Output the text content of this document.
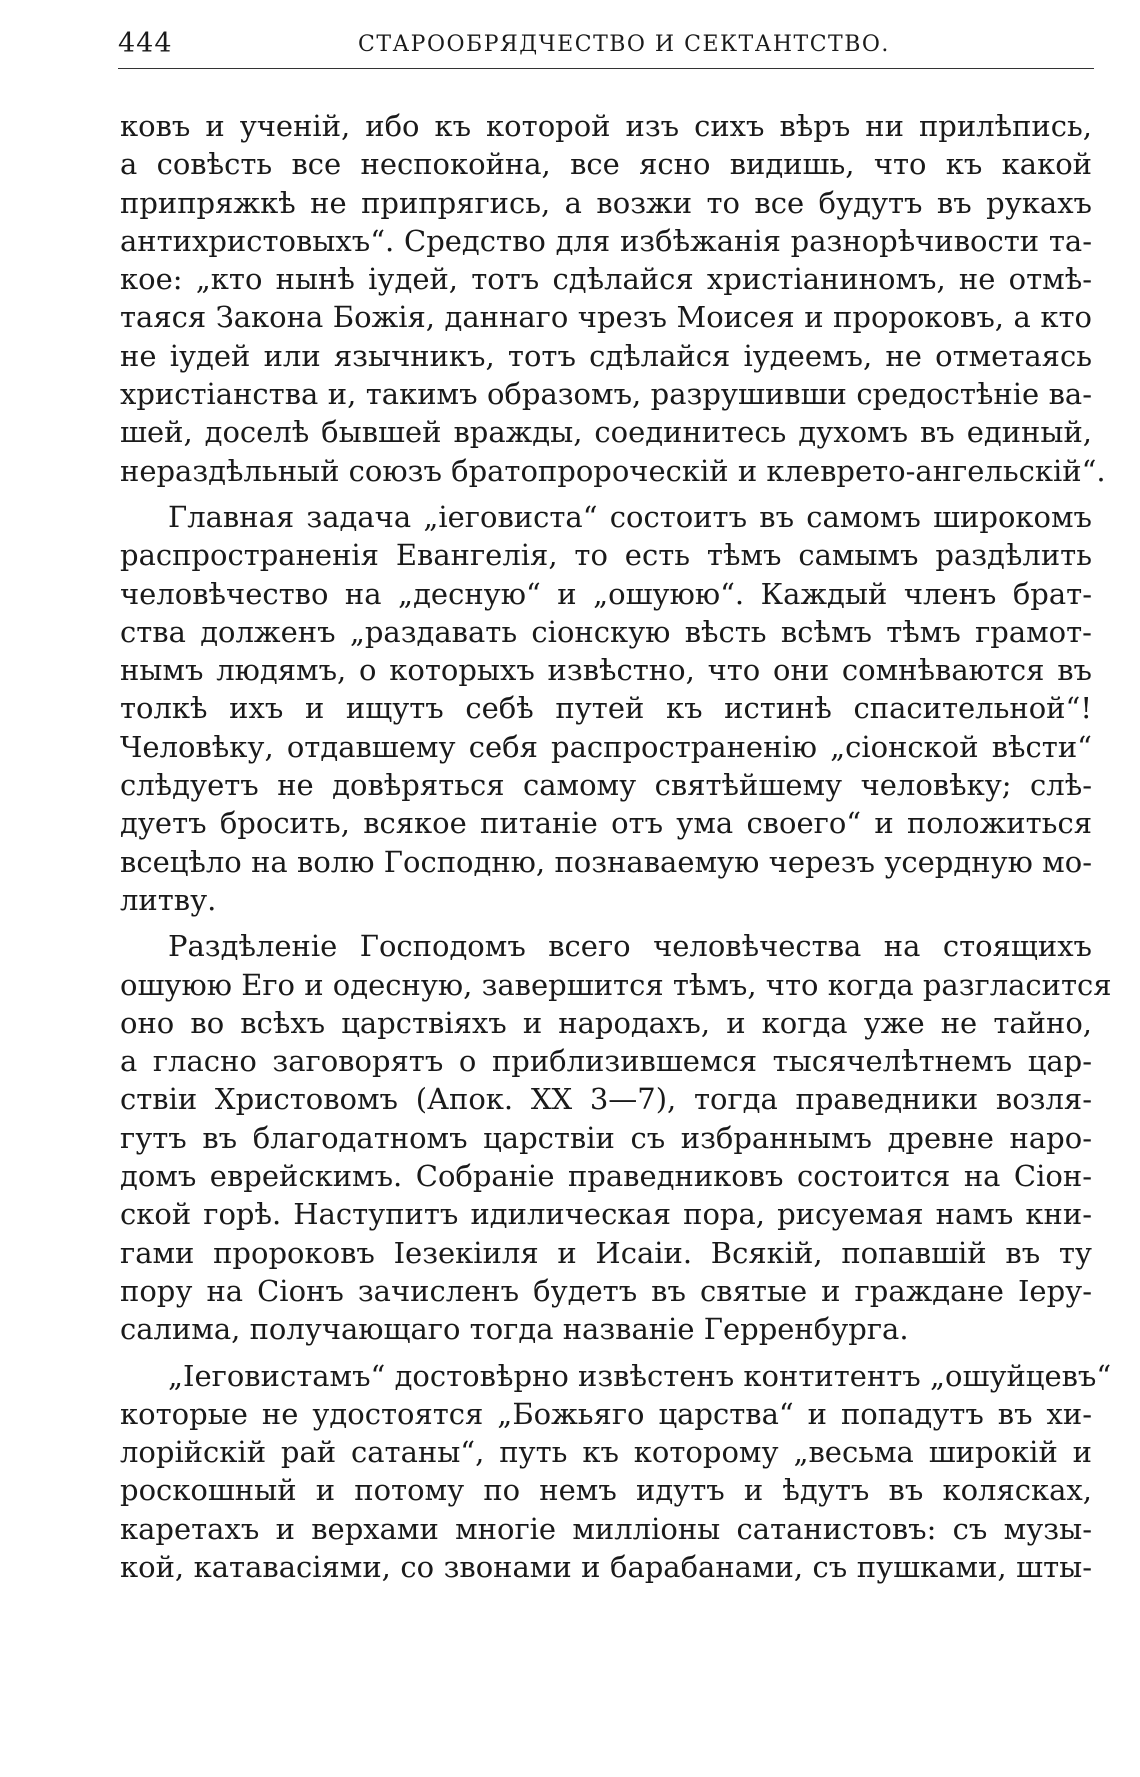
444	СТАРООБРЯДЧЕСТВО И СЕКТАНТСТВО.
ковъ и ученій, ибо къ которой изъ сихъ вѣръ ни прилѣпись,
а совѣсть все неспокойна, все ясно видишь, что къ какой
припряжкѣ не припрягись, а возжи то все будутъ въ рукахъ
антихристовыхъ“. Средство для избѣжанія разнорѣчивости та-
кое: „кто нынѣ іудей, тотъ сдѣлайся христіаниномъ, не отмѣ-
таяся Закона Божія, даннаго чрезъ Моисея и пророковъ, а кто
не іудей или язычникъ, тотъ сдѣлайся іудеемъ, не отметаясь
христіанства и, такимъ образомъ, разрушивши средостѣніе ва-
шей, доселѣ бывшей вражды, соединитесь духомъ въ единый,
нераздѣльный союзъ братопророческій и клеврето-ангельскій“.
Главная задача „іеговиста“ состоитъ въ самомъ широкомъ
распространенія Евангелія, то есть тѣмъ самымъ раздѣлить
человѣчество на „десную“ и „ошуюю“. Каждый членъ брат-
ства долженъ „раздавать сіонскую вѣсть всѣмъ тѣмъ грамот-
нымъ людямъ, о которыхъ извѣстно, что они сомнѣваются въ
толкѣ ихъ и ищутъ себѣ путей къ истинѣ спасительной“!
Человѣку, отдавшему себя распространенію „сіонской вѣсти“
слѣдуетъ не довѣряться самому святѣйшему человѣку; слѣ-
дуетъ бросить, всякое питаніе отъ ума своего“ и положиться
всецѣло на волю Господню, познаваемую черезъ усердную мо-
литву.
Раздѣленіе Господомъ всего человѣчества на стоящихъ
ошуюю Его и одесную, завершится тѣмъ, что когда разгласится
оно во всѣхъ царствіяхъ и народахъ, и когда уже не тайно,
а гласно заговорятъ о приблизившемся тысячелѣтнемъ цар-
ствіи Христовомъ (Апок. XX 3—7), тогда праведники возля-
гутъ въ благодатномъ царствіи съ избраннымъ древне наро-
домъ еврейскимъ. Собраніе праведниковъ состоится на Сіон-
ской горѣ. Наступитъ идилическая пора, рисуемая намъ кни-
гами пророковъ Іезекіиля и Исаіи. Всякій, попавшій въ ту
пору на Сіонъ зачисленъ будетъ въ святые и граждане Іеру-
салима, получающаго тогда названіе Герренбурга.
„Іеговистамъ“ достовѣрно извѣстенъ контитентъ „ошуйцевъ“
которые не удостоятся „Божьяго царства“ и попадутъ въ хи-
лорійскій рай сатаны“, путь къ которому „весьма широкій и
роскошный и потому по немъ идутъ и ѣдутъ въ колясках,
каретахъ и верхами многіе милліоны сатанистовъ: съ музы-
кой, катавасіями, со звонами и барабанами, съ пушками, шты-
